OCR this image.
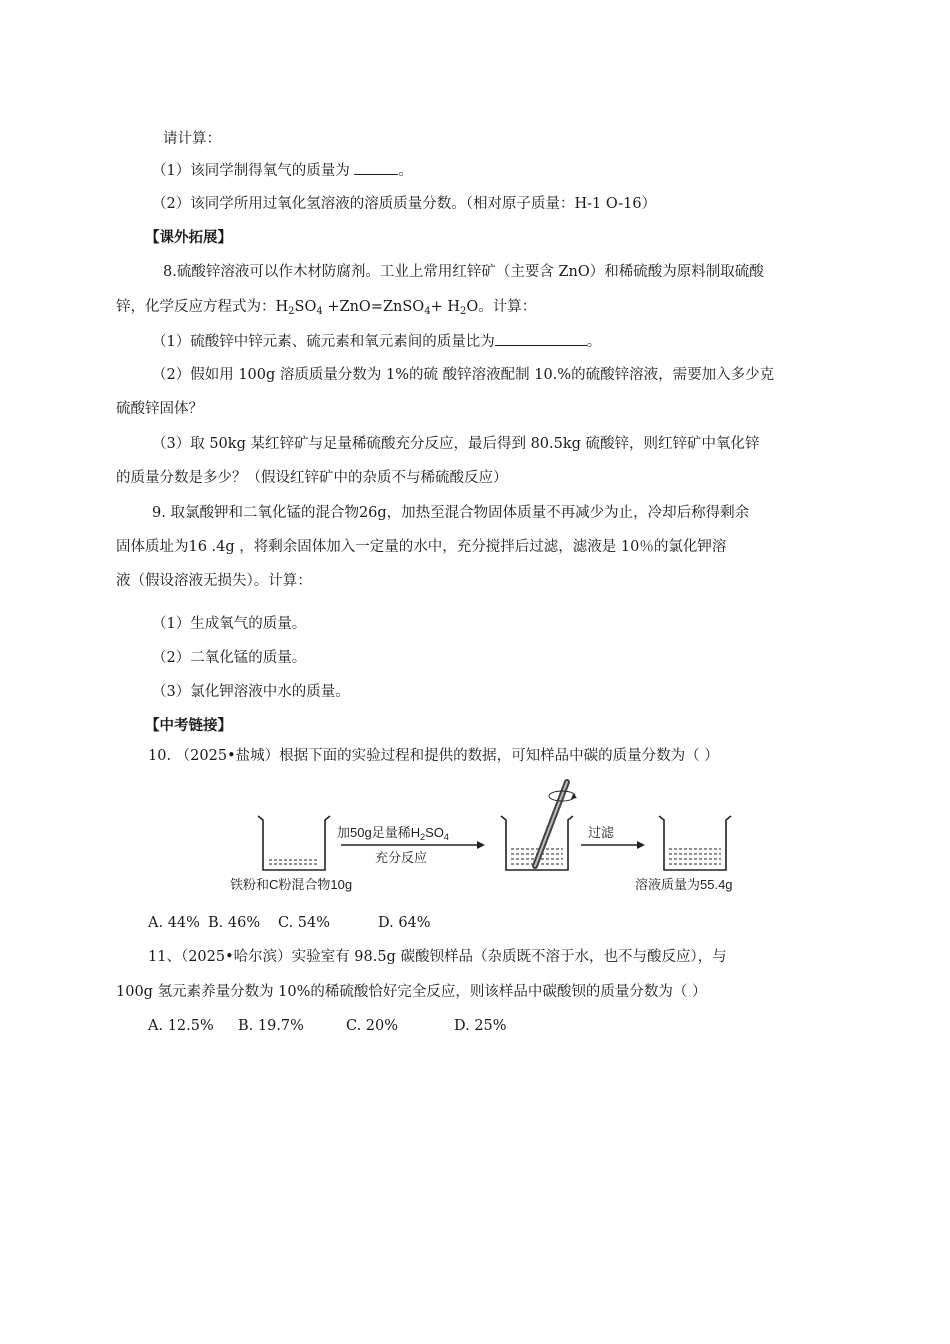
请计算：
（1）该同学制得氧气的质量为	。
（2）该同学所用过氧化氢溶液的溶质质量分数。（相对原子质量：H-1 O-16）
【课外拓展】
8.硫酸锌溶液可以作木材防腐剂。工业上常用红锌矿（主要含 ZnO）和稀硫酸为原料制取硫酸
锌，化学反应方程式为：$H_2SO_4$ +ZnO=ZnSO$_4$+ $H_2O$。计算：
（1）硫酸锌中锌元素、硫元素和氧元素间的质量比为	。
（2）假如用 100g 溶质质量分数为 1%的硫 酸锌溶液配制 10.%的硫酸锌溶液，需要加入多少克
硫酸锌固体？
（3）取 50kg 某红锌矿与足量稀硫酸充分反应，最后得到 80.5kg 硫酸锌，则红锌矿中氧化锌
的质量分数是多少？（假设红锌矿中的杂质不与稀硫酸反应）
9. 取氯酸钾和二氧化锰的混合物26g，加热至混合物固体质量不再减少为止，冷却后称得剩余
固体质址为16 .4g ，将剩余固体加入一定量的水中，充分搅拌后过滤，滤液是 10％的氯化钾溶
液（假设溶液无损失）。计算：
（1）生成氧气的质量。
（2）二氧化锰的质量。
（3）氯化钾溶液中水的质量。
【中考链接】
10. （2025•盐城）根据下面的实验过程和提供的数据，可知样品中碳的质量分数为（ ）
铁粉和C粉混合物10g
加50g足量稀$H_2SO_4$
充分反应
过滤
溶液质量为55.4g
A. 44% B. 46% C. 54%	D. 64%
11、（2025•哈尔滨）实验室有 98.5g 碳酸钡样品（杂质既不溶于水，也不与酸反应），与
100g 氢元素养量分数为 10%的稀硫酸恰好完全反应，则该样品中碳酸钡的质量分数为（ ）
A. 12.5% B. 19.7%	C. 20%	D. 25%
